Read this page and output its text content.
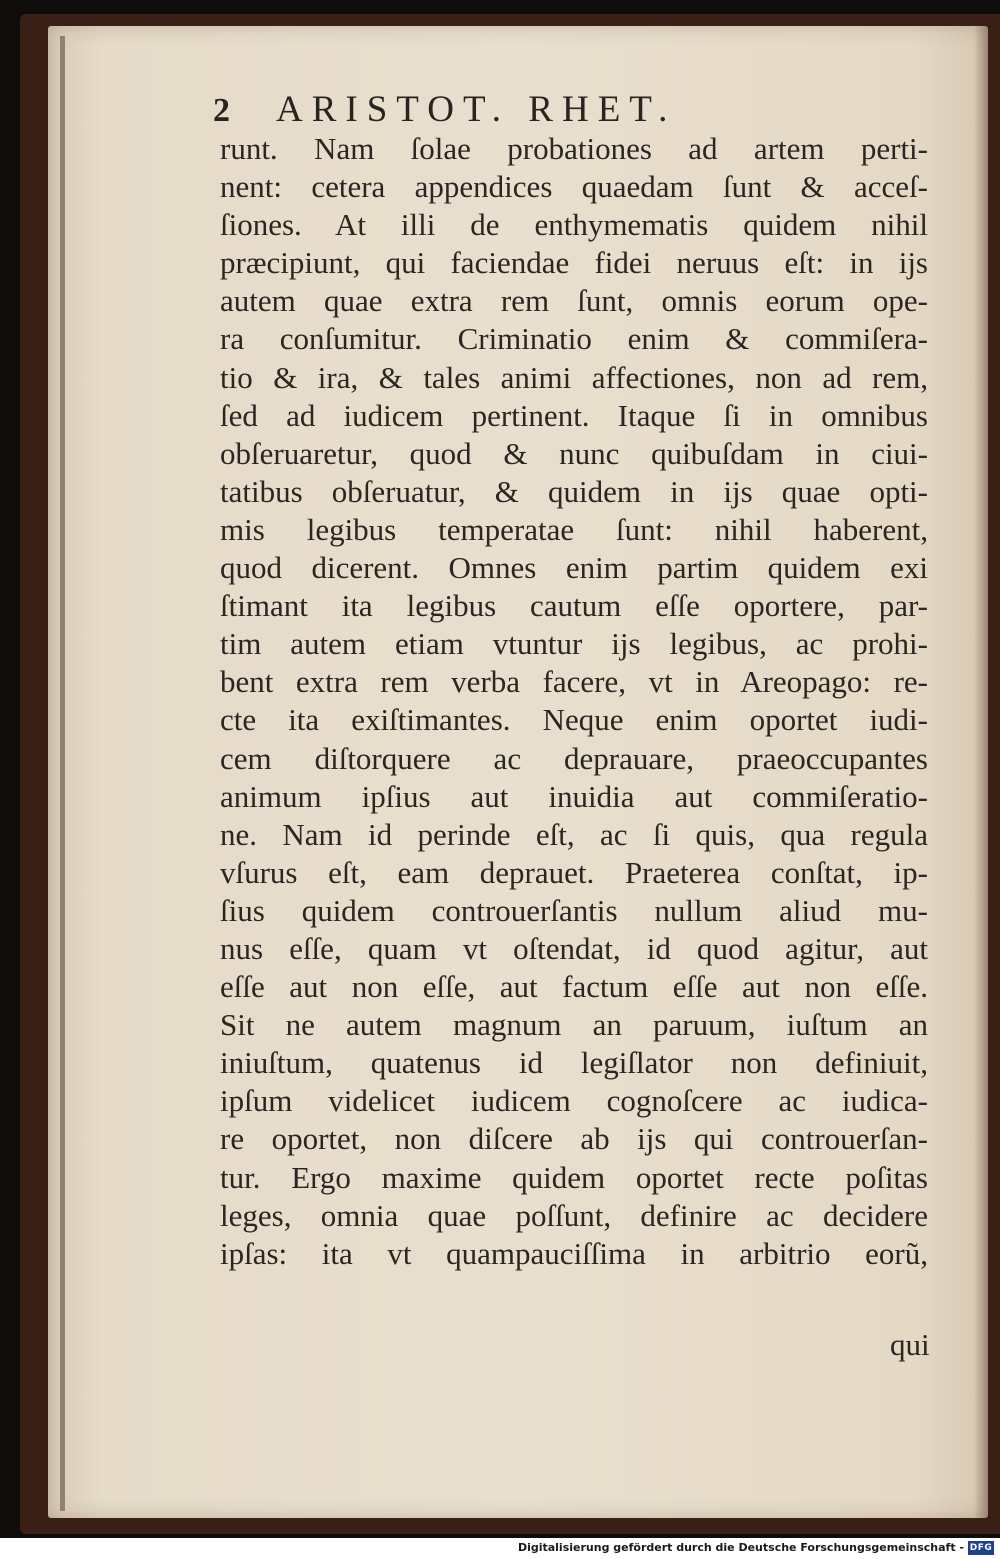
2 ARISTOT. RHET.
runt. Nam ſolae probationes ad artem perti-
nent: cetera appendices quaedam ſunt & acceſ-
ſiones. At illi de enthymematis quidem nihil
præcipiunt, qui faciendae fidei neruus eſt: in ijs
autem quae extra rem ſunt, omnis eorum ope-
ra conſumitur. Criminatio enim & commiſera-
tio & ira, & tales animi affectiones, non ad rem,
ſed ad iudicem pertinent. Itaque ſi in omnibus
obſeruaretur, quod & nunc quibuſdam in ciui-
tatibus obſeruatur, & quidem in ijs quae opti-
mis legibus temperatae ſunt: nihil haberent,
quod dicerent. Omnes enim partim quidem exi
ſtimant ita legibus cautum eſſe oportere, par-
tim autem etiam vtuntur ijs legibus, ac prohi-
bent extra rem verba facere, vt in Areopago: re-
cte ita exiſtimantes. Neque enim oportet iudi-
cem diſtorquere ac deprauare, praeoccupantes
animum ipſius aut inuidia aut commiſeratio-
ne. Nam id perinde eſt, ac ſi quis, qua regula
vſurus eſt, eam deprauet. Praeterea conſtat, ip-
ſius quidem controuerſantis nullum aliud mu-
nus eſſe, quam vt oſtendat, id quod agitur, aut
eſſe aut non eſſe, aut factum eſſe aut non eſſe.
Sit ne autem magnum an paruum, iuſtum an
iniuſtum, quatenus id legiſlator non definiuit,
ipſum videlicet iudicem cognoſcere ac iudica-
re oportet, non diſcere ab ijs qui controuerſan-
tur. Ergo maxime quidem oportet recte poſitas
leges, omnia quae poſſunt, definire ac decidere
ipſas: ita vt quampauciſſima in arbitrio eorũ,
qui
Digitalisierung gefördert durch die Deutsche Forschungsgemeinschaft - DFG
